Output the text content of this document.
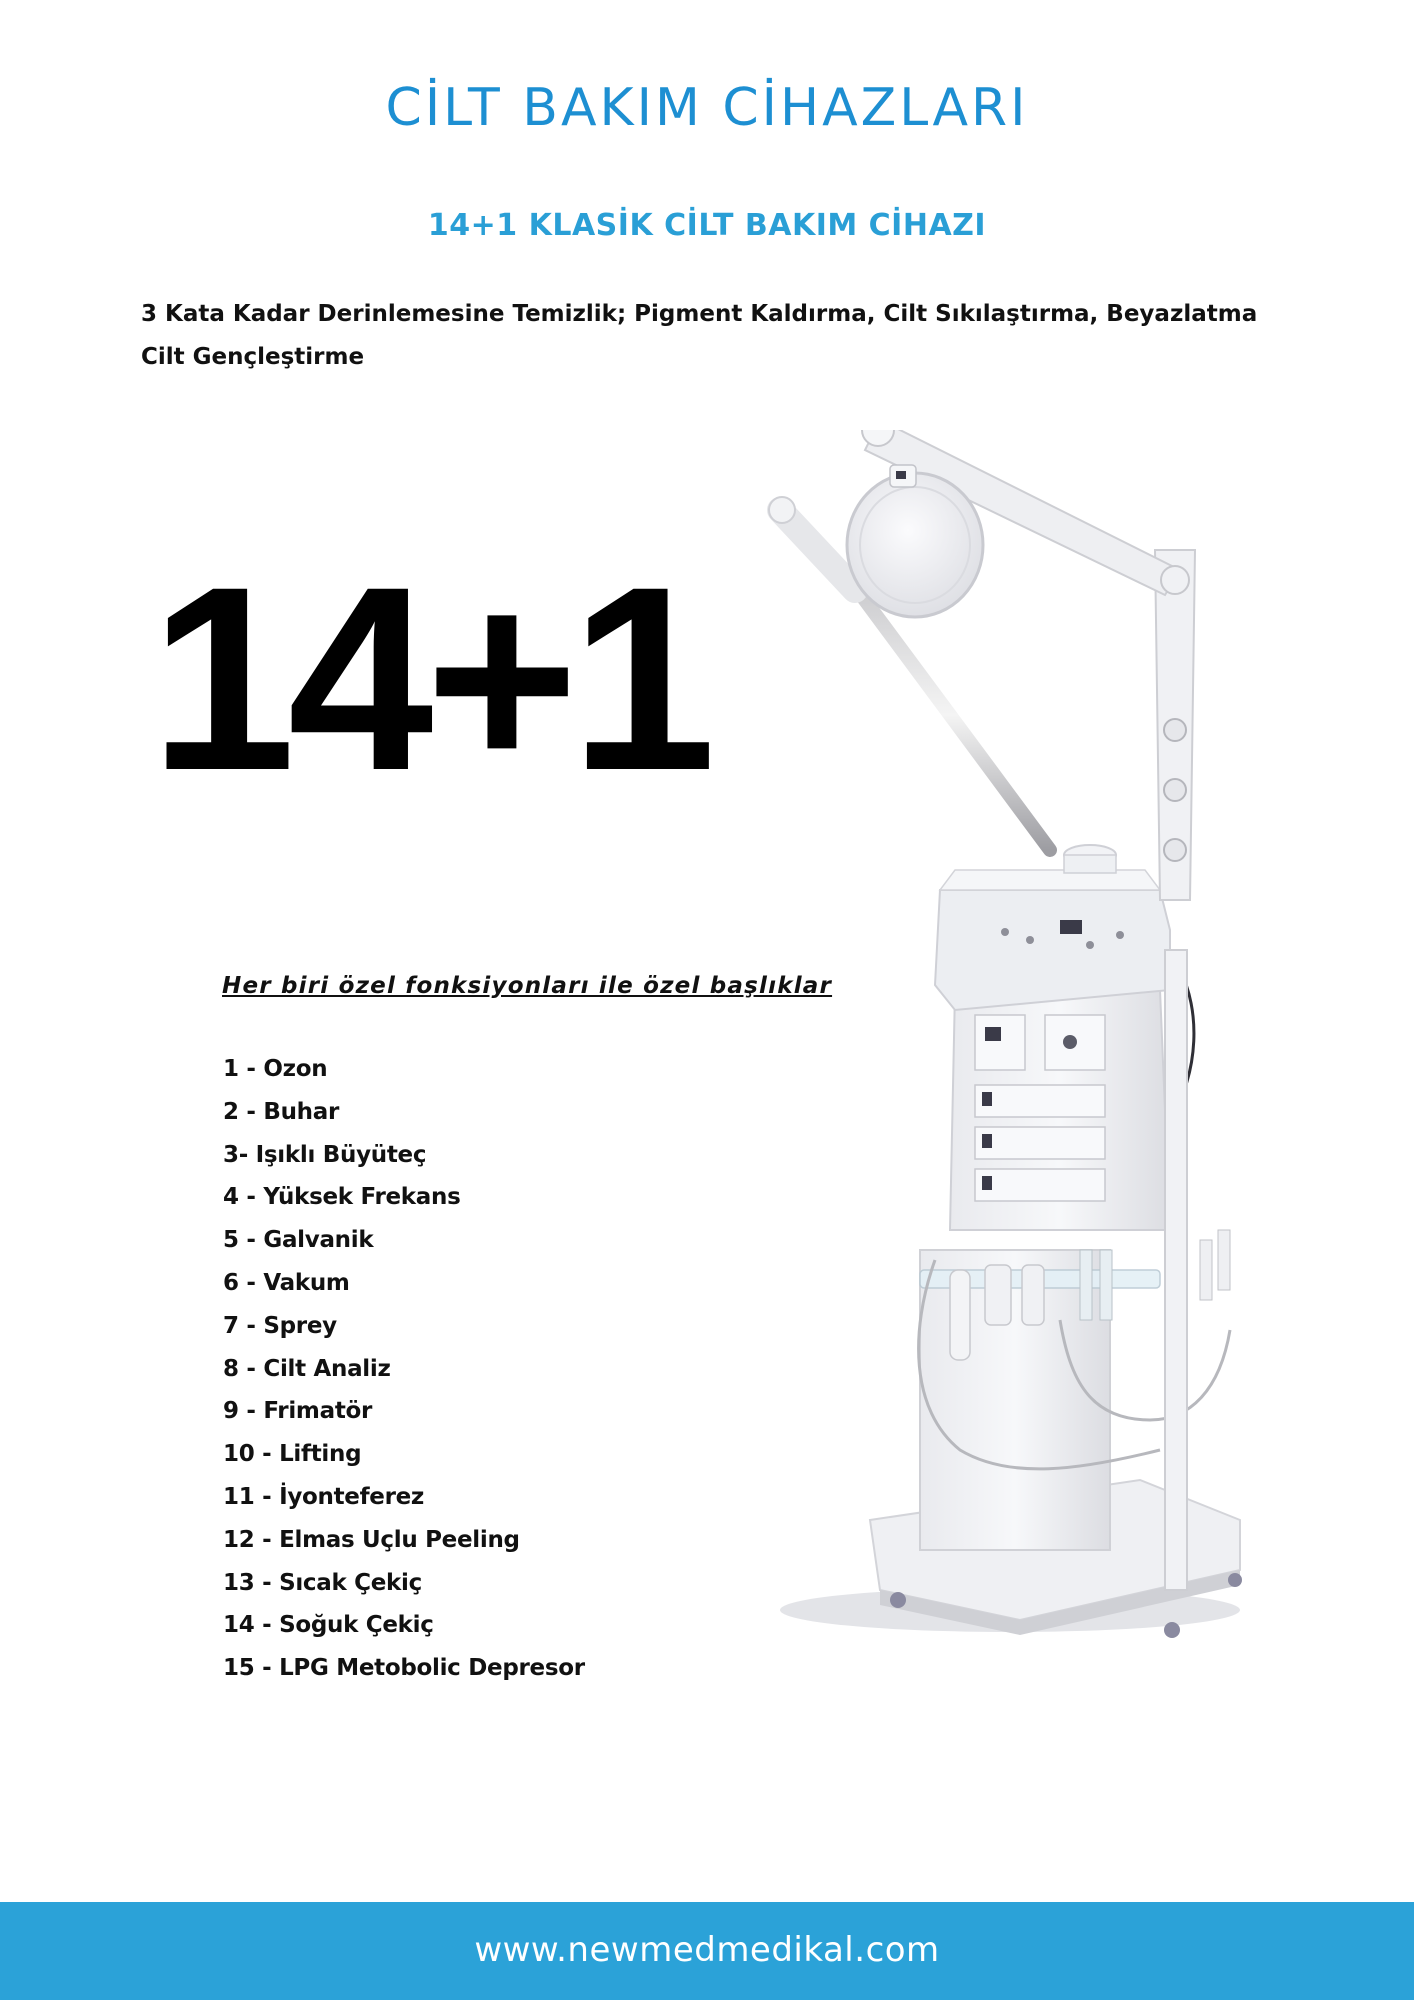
CİLT BAKIM CİHAZLARI
14+1 KLASİK CİLT BAKIM CİHAZI
3 Kata Kadar Derinlemesine Temizlik; Pigment Kaldırma, Cilt Sıkılaştırma, Beyazlatma
Cilt Gençleştirme
14+1
Her biri özel fonksiyonları ile özel başlıklar
1 - Ozon
2 - Buhar
3- Işıklı Büyüteç
4 - Yüksek Frekans
5 - Galvanik
6 - Vakum
7 - Sprey
8 - Cilt Analiz
9 - Frimatör
10 - Lifting
11 - İyonteferez
12 - Elmas Uçlu Peeling
13 - Sıcak Çekiç
14 - Soğuk Çekiç
15 - LPG Metobolic Depresor
www.newmedmedikal.com
